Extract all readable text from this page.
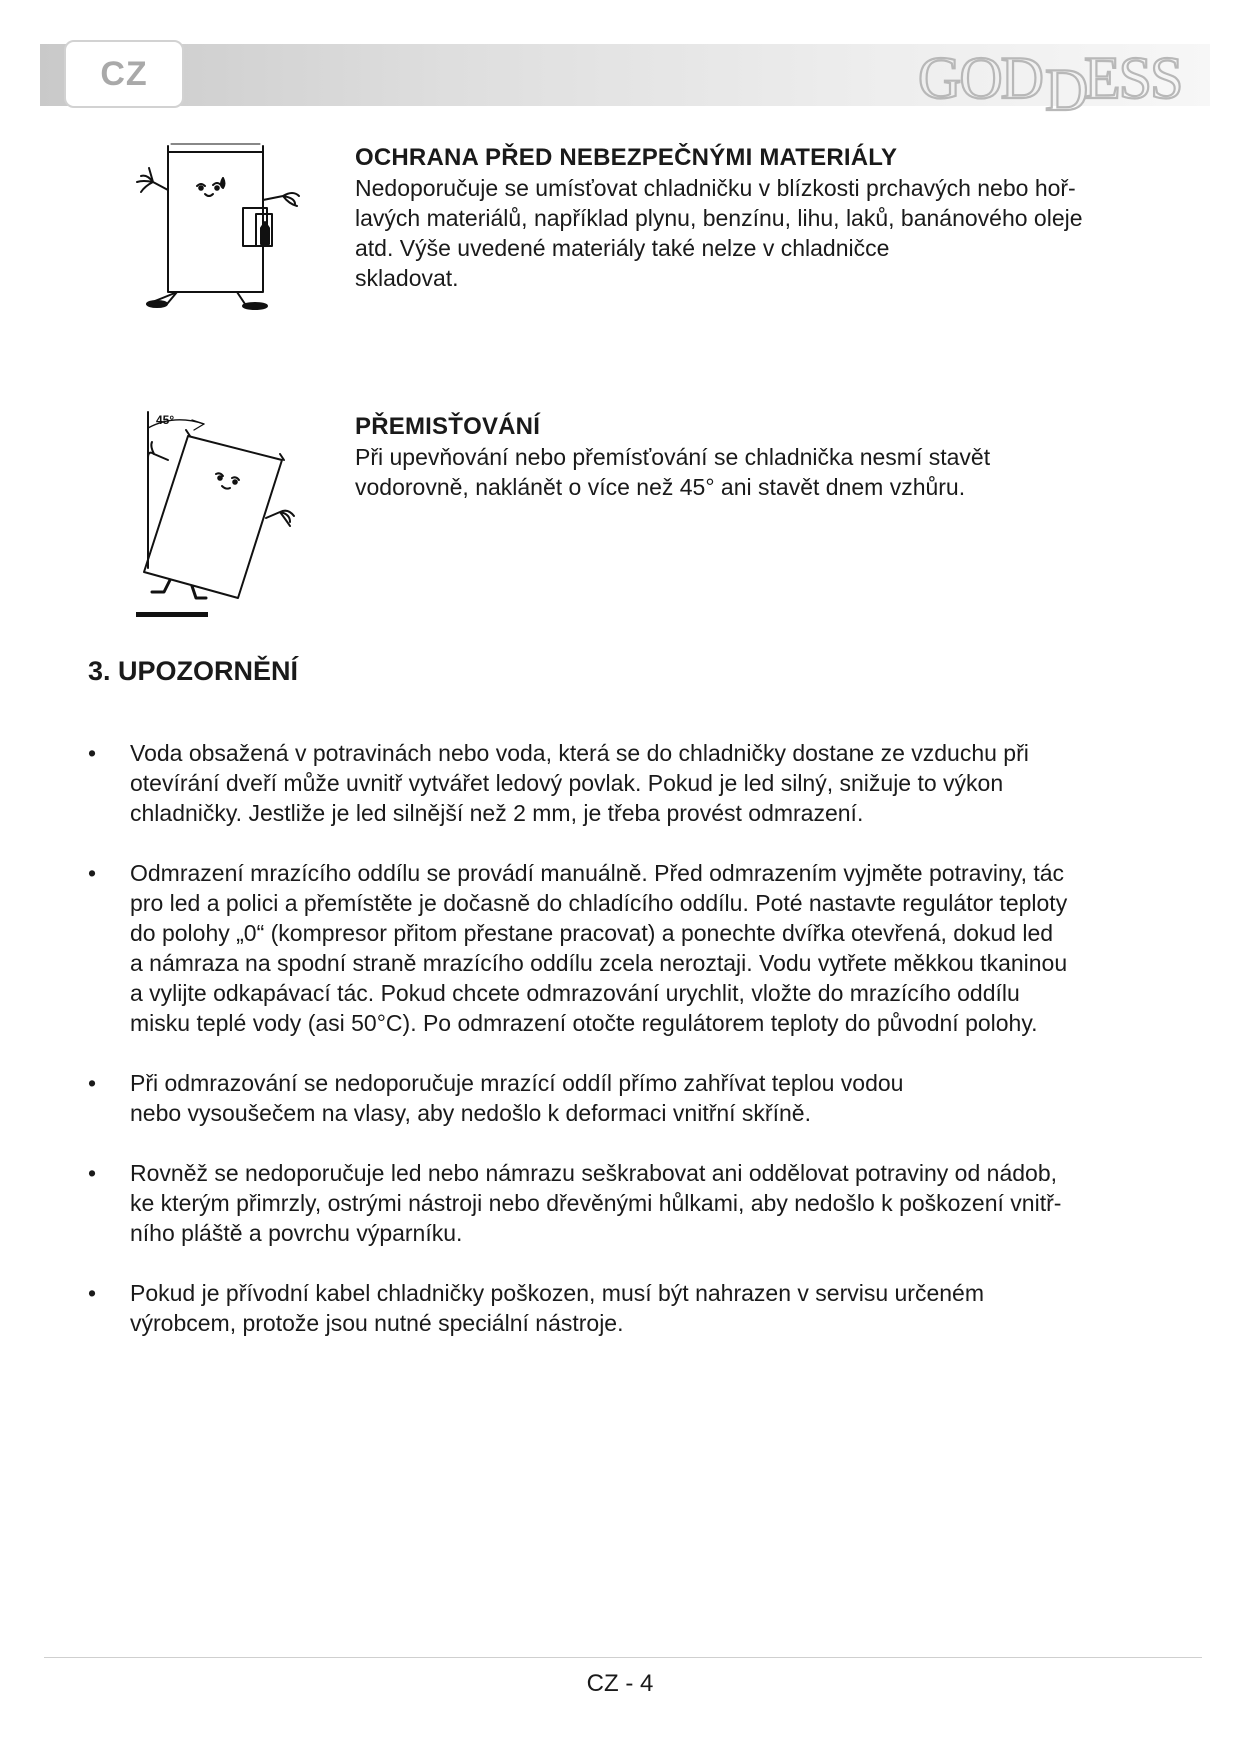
CZ	GOD D
ESS
OCHRANA PŘED NEBEZPEČNÝMI MATERIÁLY

Nedoporučuje se umísťovat chladničku v blízkosti prchavých nebo hoř-
lavých materiálů, například plynu, benzínu, lihu, laků, banánového oleje
atd. Výše uvedené materiály také nelze v chladničce
skladovat.

45°	PŘEMISŤOVÁNÍ

Při upevňování nebo přemísťování se chladnička nesmí stavět
vodorovně, naklánět o více než 45° ani stavět dnem vzhůru.

3. UPOZORNĚNÍ
•	Voda obsažená v potravinách nebo voda, která se do chladničky dostane ze vzduchu při
otevírání dveří může uvnitř vytvářet ledový povlak. Pokud je led silný, snižuje to výkon
chladničky. Jestliže je led silnější než 2 mm, je třeba provést odmrazení.
•	Odmrazení mrazícího oddílu se provádí manuálně. Před odmrazením vyjměte potraviny, tác
pro led a polici a přemístěte je dočasně do chladícího oddílu. Poté nastavte regulátor teploty
do polohy „0“ (kompresor přitom přestane pracovat) a ponechte dvířka otevřená, dokud led
a námraza na spodní straně mrazícího oddílu zcela neroztaji. Vodu vytřete měkkou tkaninou
a vylijte odkapávací tác. Pokud chcete odmrazování urychlit, vložte do mrazícího oddílu
misku teplé vody (asi 50°C). Po odmrazení otočte regulátorem teploty do původní polohy.
•	Při odmrazování se nedoporučuje mrazící oddíl přímo zahřívat teplou vodou
nebo vysoušečem na vlasy, aby nedošlo k deformaci vnitřní skříně.
•	Rovněž se nedoporučuje led nebo námrazu seškrabovat ani oddělovat potraviny od nádob,
ke kterým přimrzly, ostrými nástroji nebo dřevěnými hůlkami, aby nedošlo k poškození vnitř-
ního pláště a povrchu výparníku.
•	Pokud je přívodní kabel chladničky poškozen, musí být nahrazen v servisu určeném
výrobcem, protože jsou nutné speciální nástroje.
CZ - 4
